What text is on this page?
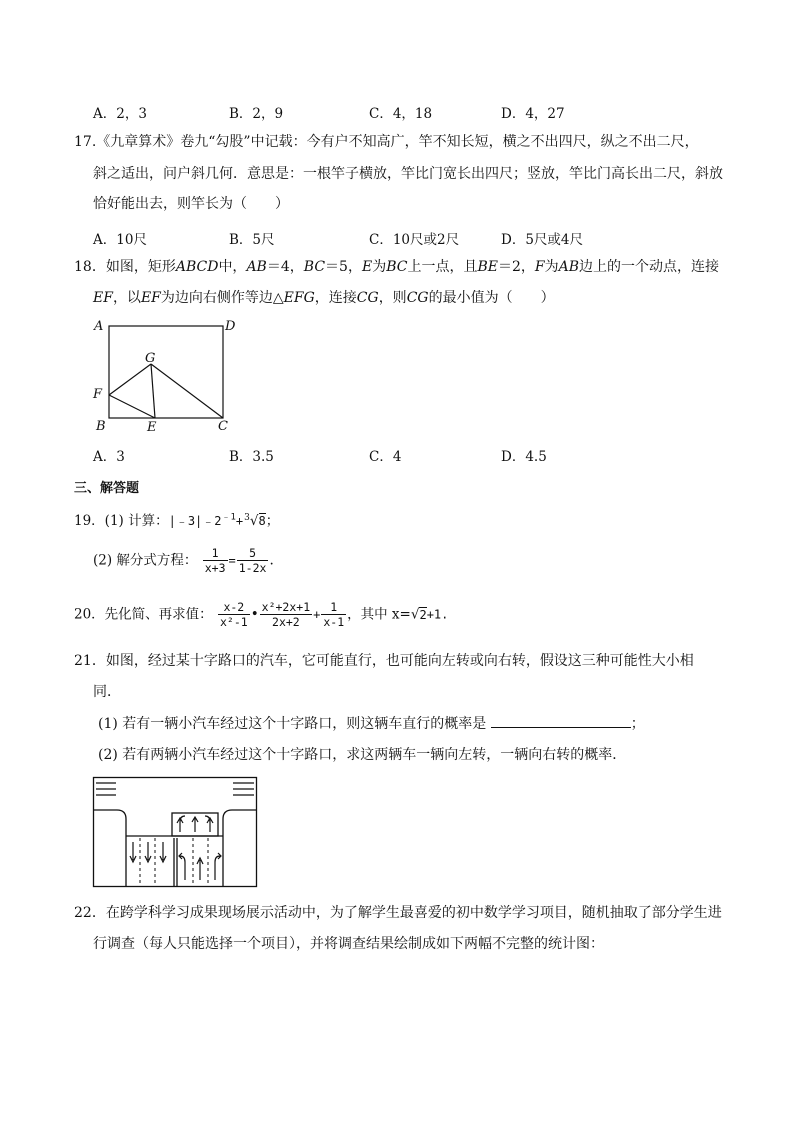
A．2，3	B．2，9	C．4，18	D．4，27
17.《九章算术》卷九“勾股”中记载：今有户不知高广，竿不知长短，横之不出四尺，纵之不出二尺，
斜之适出，问户斜几何．意思是：一根竿子横放，竿比门宽长出四尺；竖放，竿比门高长出二尺，斜放
恰好能出去，则竿长为（　　）
A．10尺	B．5尺	C．10尺或2尺	D．5尺或4尺
18．如图，矩形ABCD中，AB＝4，BC＝5，E为BC上一点，且BE＝2，F为AB边上的一个动点，连接
EF，以EF为边向右侧作等边△EFG，连接CG，则CG的最小值为（　　）
A	D
G
F
B	E	C
A．3	B．3.5	C．4	D．4.5
三、解答题
19．(1) 计算：$|﹣3|﹣2^{﹣1}+^3√8$；
(2) 解分式方程： $\frac{1}{x+3} = \frac{5}{1-2x}$ .
20．先化简、再求值： $\frac{x-2}{\text{x²-1}}$ • $\frac{\text{x²+2x+1}}{2x+2} + \frac{1}{x-1}$ ，其中 x=√2+1.
21．如图，经过某十字路口的汽车，它可能直行，也可能向左转或向右转，假设这三种可能性大小相
同．
(1) 若有一辆小汽车经过这个十字路口，则这辆车直行的概率是	；
(2) 若有两辆小汽车经过这个十字路口，求这两辆车一辆向左转，一辆向右转的概率．
22．在跨学科学习成果现场展示活动中，为了解学生最喜爱的初中数学学习项目，随机抽取了部分学生进
行调查（每人只能选择一个项目），并将调查结果绘制成如下两幅不完整的统计图：
